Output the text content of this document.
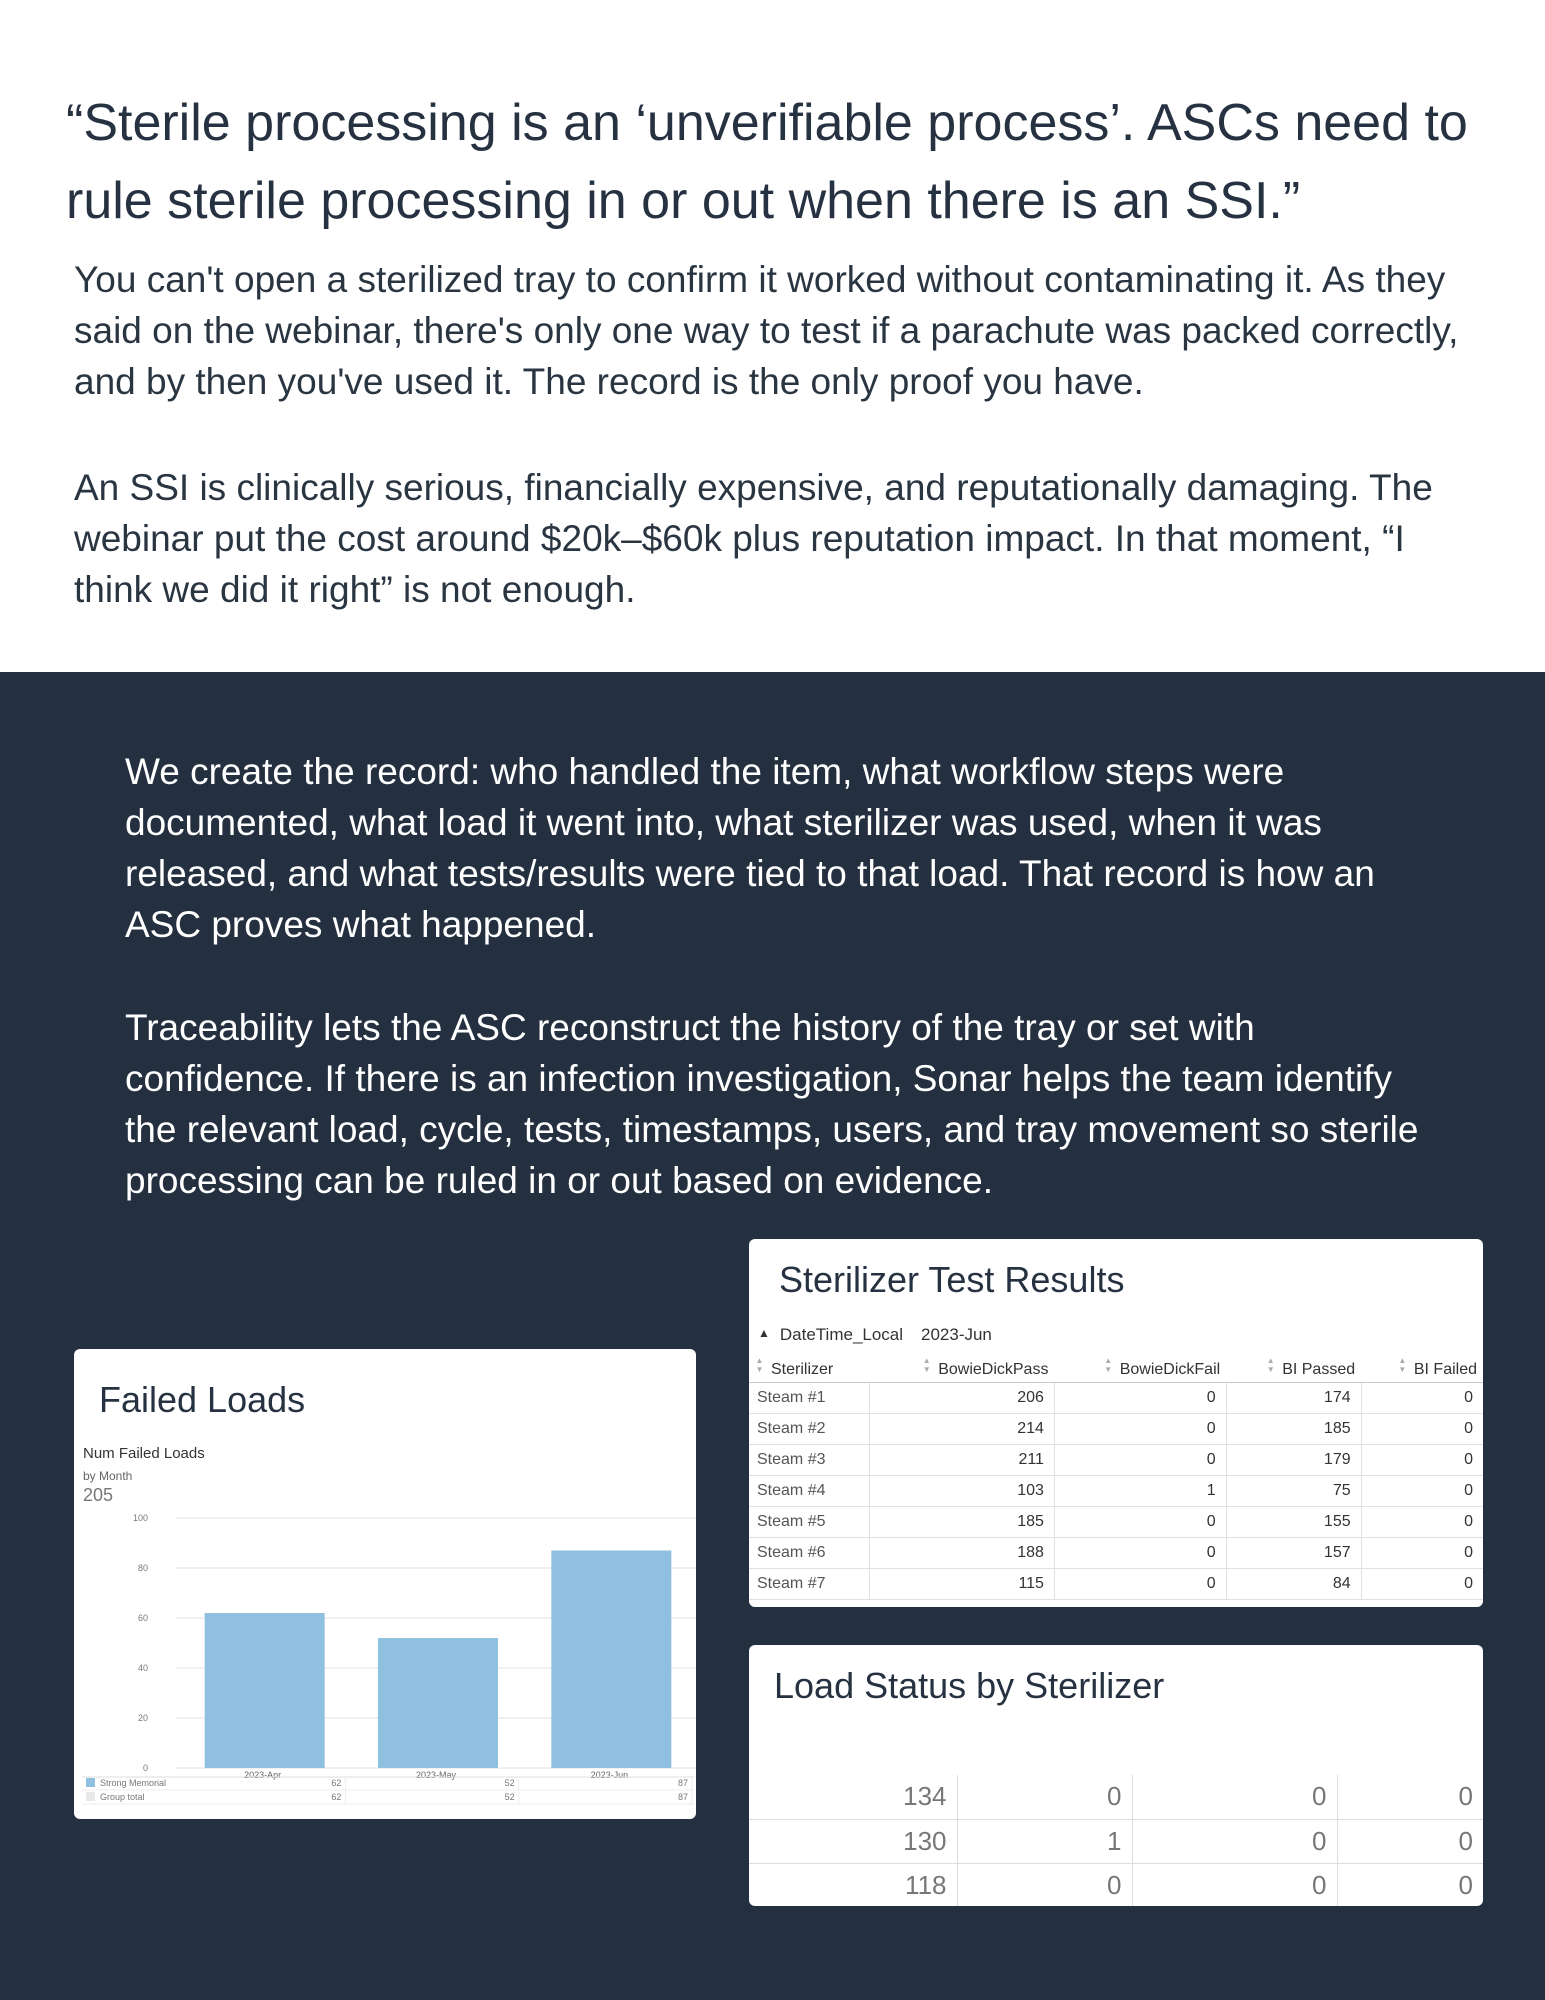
“Sterile processing is an ‘unverifiable process’. ASCs need to rule sterile processing in or out when there is an SSI.”
You can't open a sterilized tray to confirm it worked without contaminating it. As they said on the webinar, there's only one way to test if a parachute was packed correctly, and by then you've used it. The record is the only proof you have.
An SSI is clinically serious, financially expensive, and reputationally damaging. The webinar put the cost around $20k–$60k plus reputation impact. In that moment, “I think we did it right” is not enough.
We create the record: who handled the item, what workflow steps were documented, what load it went into, what sterilizer was used, when it was released, and what tests/results were tied to that load. That record is how an ASC proves what happened.
Traceability lets the ASC reconstruct the history of the tray or set with confidence. If there is an infection investigation, Sonar helps the team identify the relevant load, cycle, tests, timestamps, users, and tray movement so sterile processing can be ruled in or out based on evidence.
Failed Loads
Num Failed Loads
by Month
205
0
20
40
60
80
100
2023-Apr	2023-May	2023-Jun
Strong Memorial	62	52	87
Group total	62	52	87
Sterilizer Test Results
▲ DateTime_Local 2023-Jun
▲▼ Sterilizer	▲▼ BowieDickPass	▲▼ BowieDickFail	▲▼ BI Passed	▲▼ BI Failed
Steam #1	206	0	174	0
Steam #2	214	0	185	0
Steam #3	211	0	179	0
Steam #4	103	1	75	0
Steam #5	185	0	155	0
Steam #6	188	0	157	0
Steam #7	115	0	84	0
Load Status by Sterilizer
134	0	0	0
130	1	0	0
118	0	0	0
